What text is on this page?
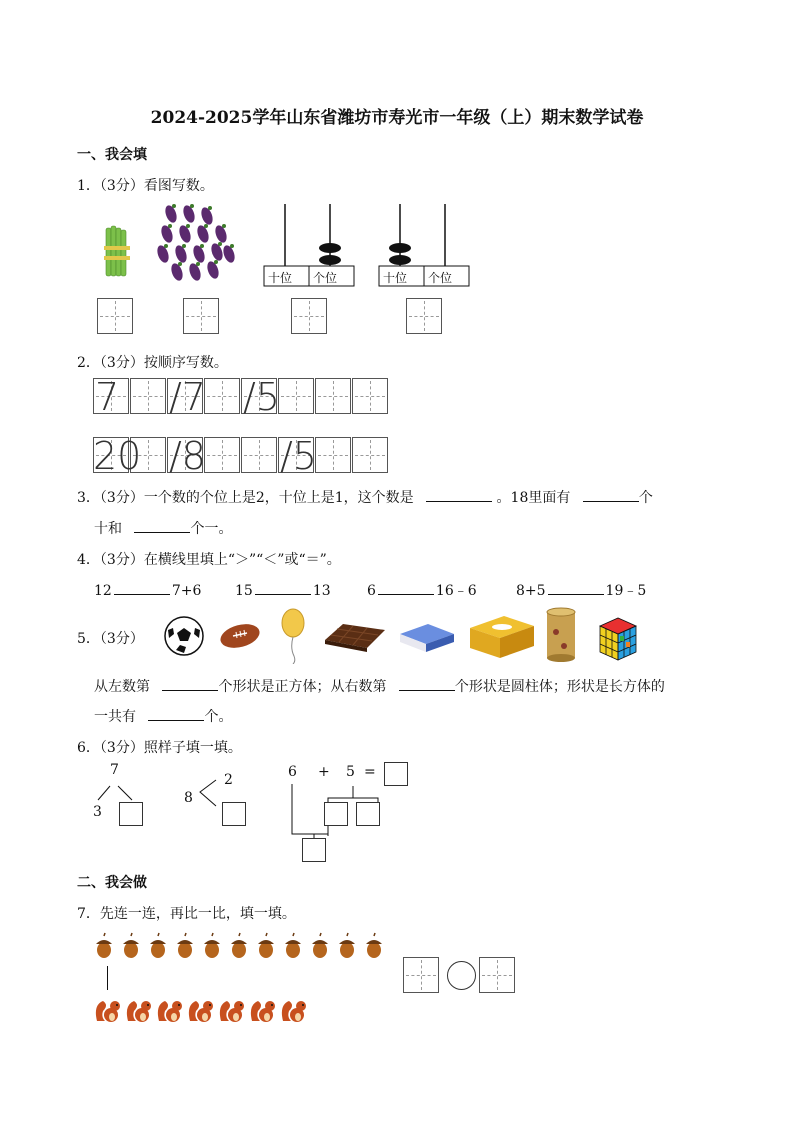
2024-2025学年山东省潍坊市寿光市一年级（上）期末数学试卷
一、我会填
1．（3分）看图写数。
十位 个位	十位 个位
2．（3分）按顺序写数。
7 /7 /5
20 /8 /5
3．（3分）一个数的个位上是2，十位上是1，这个数是	。18里面有	个
十和	个一。
4．（3分）在横线里填上“＞”“＜”或“＝”。
12	7+6 15	13	6	16﹣6	8+5	19﹣5
5．（3分）
从左数第	个形状是正方体；从右数第	个形状是圆柱体；形状是长方体的
一共有	个。
6．（3分）照样子填一填。
7
3
8
2	6 + 5 =
二、我会做
7．先连一连，再比一比，填一填。
